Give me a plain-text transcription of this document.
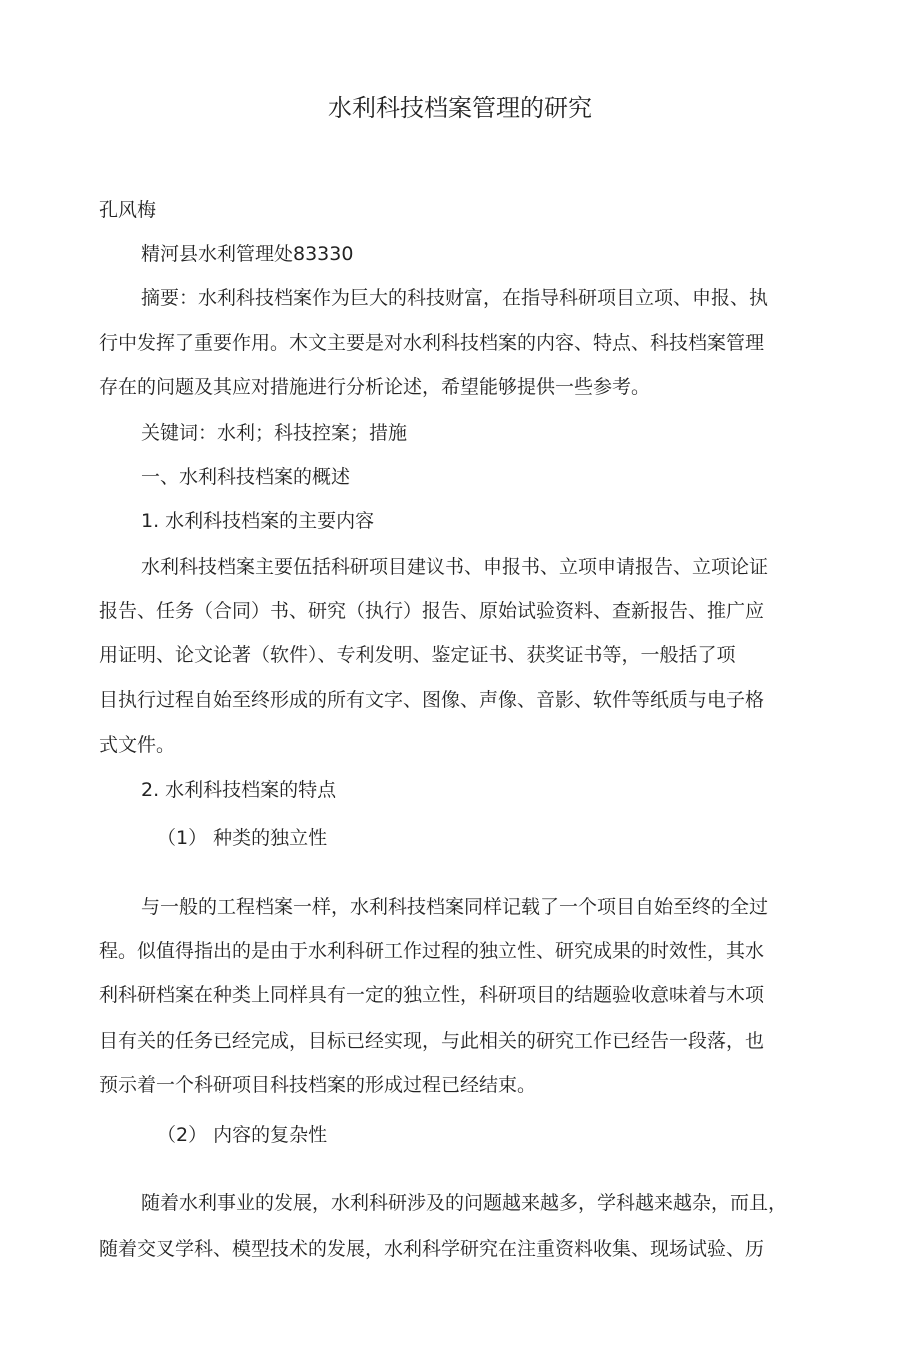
水利科技档案管理的研究
孔风梅
精河县水利管理处83330
摘要：水利科技档案作为巨大的科技财富，在指导科研项目立项、申报、执
行中发挥了重要作用。木文主要是对水利科技档案的内容、特点、科技档案管理
存在的问题及其应对措施进行分析论述，希望能够提供一些参考。
关键词：水利；科技控案；措施
一、水利科技档案的概述
1. 水利科技档案的主要内容
水利科技档案主要伍括科研项目建议书、申报书、立项申请报告、立项论证
报告、任务（合同）书、研究（执行）报告、原始试验资料、查新报告、推广应
用证明、论文论著（软件）、专利发明、鉴定证书、获奖证书等，一般括了项
目执行过程自始至终形成的所有文字、图像、声像、音影、软件等纸质与电子格
式文件。
2. 水利科技档案的特点
（1） 种类的独立性
与一般的工程档案一样，水利科技档案同样记载了一个项目自始至终的全过
程。似值得指出的是由于水利科研工作过程的独立性、研究成果的时效性，其水
利科研档案在种类上同样具有一定的独立性，科研项目的结题验收意味着与木项
目有关的任务已经完成，目标已经实现，与此相关的研究工作已经告一段落，也
预示着一个科研项目科技档案的形成过程已经结束。
（2） 内容的复杂性
随着水利事业的发展，水利科研涉及的问题越来越多，学科越来越杂，而且，
随着交叉学科、模型技术的发展，水利科学研究在注重资料收集、现场试验、历
